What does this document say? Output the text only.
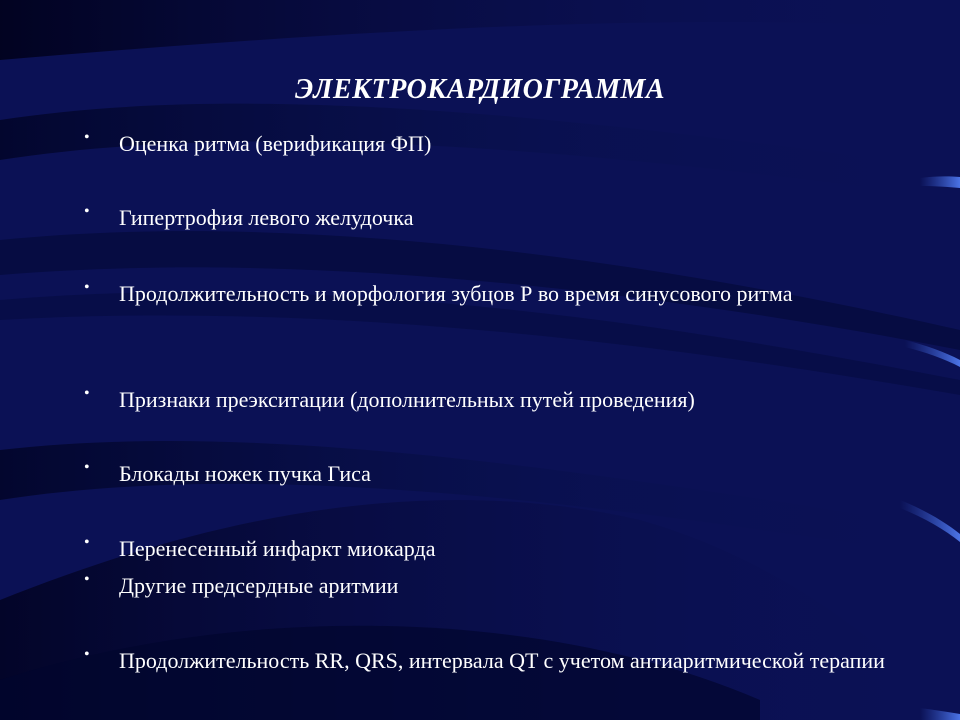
ЭЛЕКТРОКАРДИОГРАММА
• Оценка ритма (верификация ФП)
• Гипертрофия левого желудочка
• Продолжительность и морфология зубцов Р во время синусового ритма
• Признаки преэкситации (дополнительных путей проведения)
• Блокады ножек пучка Гиса
• Перенесенный инфаркт миокарда
• Другие предсердные аритмии
• Продолжительность RR, QRS, интервала QT с учетом антиаритмической терапии
